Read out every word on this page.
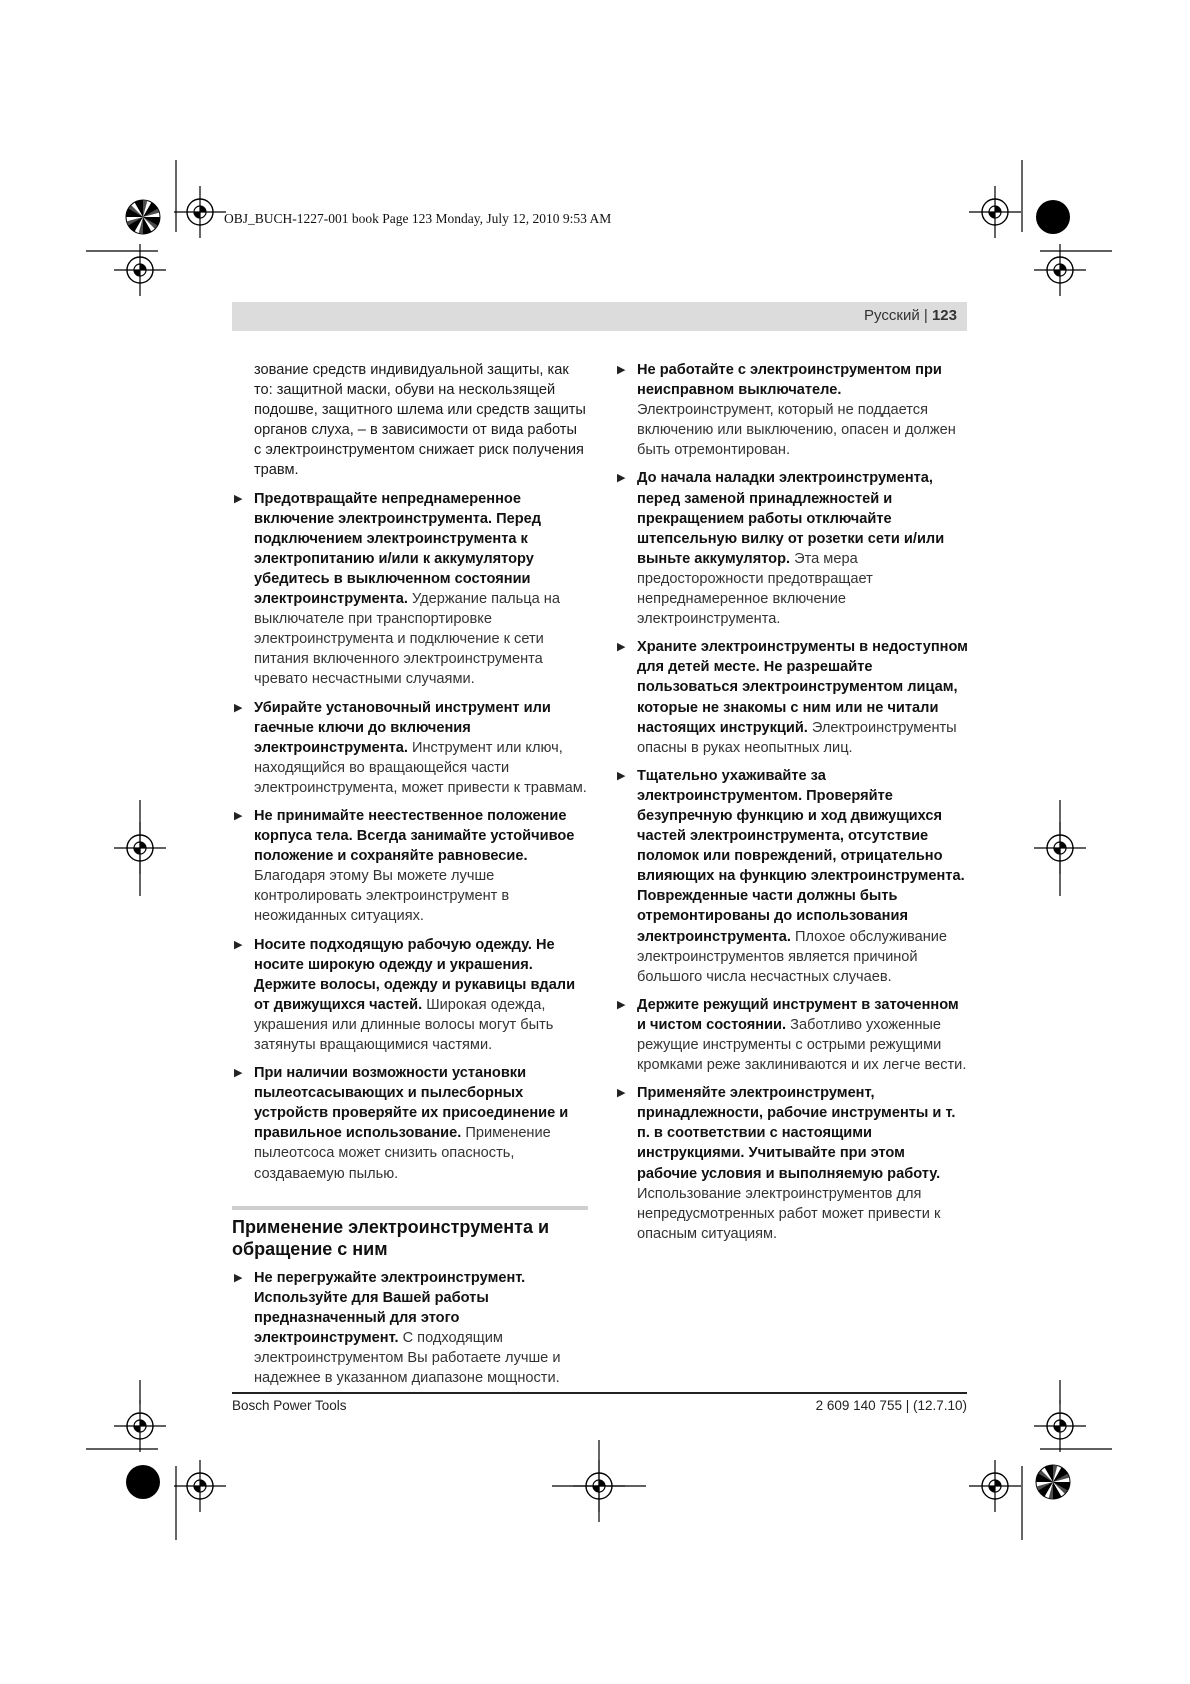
OBJ_BUCH-1227-001 book Page 123 Monday, July 12, 2010 9:53 AM
Русский | 123

зование средств индивидуальной защиты, как то: защитной маски, обуви на нескользящей подошве, защитного шлема или средств защиты органов слуха, – в зависимости от вида работы с электроинструментом снижает риск получения травм.

▶ Предотвращайте непреднамеренное включение электроинструмента. Перед подключением электроинструмента к электропитанию и/или к аккумулятору убедитесь в выключенном состоянии электроинструмента. Удержание пальца на выключателе при транспортировке электроинструмента и подключение к сети питания включенного электроинструмента чревато несчастными случаями.
▶ Убирайте установочный инструмент или гаечные ключи до включения электроинструмента. Инструмент или ключ, находящийся во вращающейся части электроинструмента, может привести к травмам.
▶ Не принимайте неестественное положение корпуса тела. Всегда занимайте устойчивое положение и сохраняйте равновесие. Благодаря этому Вы можете лучше контролировать электроинструмент в неожиданных ситуациях.
▶ Носите подходящую рабочую одежду. Не носите широкую одежду и украшения. Держите волосы, одежду и рукавицы вдали от движущихся частей. Широкая одежда, украшения или длинные волосы могут быть затянуты вращающимися частями.
▶ При наличии возможности установки пылеотсасывающих и пылесборных устройств проверяйте их присоединение и правильное использование. Применение пылеотсоса может снизить опасность, создаваемую пылью.
Применение электроинструмента и обращение с ним
▶ Не перегружайте электроинструмент. Используйте для Вашей работы предназначенный для этого электроинструмент. С подходящим электроинструментом Вы работаете лучше и надежнее в указанном диапазоне мощности.
▶ Не работайте с электроинструментом при неисправном выключателе. Электроинструмент, который не поддается включению или выключению, опасен и должен быть отремонтирован.
▶ До начала наладки электроинструмента, перед заменой принадлежностей и прекращением работы отключайте штепсельную вилку от розетки сети и/или выньте аккумулятор. Эта мера предосторожности предотвращает непреднамеренное включение электроинструмента.
▶ Храните электроинструменты в недоступном для детей месте. Не разрешайте пользоваться электроинструментом лицам, которые не знакомы с ним или не читали настоящих инструкций. Электроинструменты опасны в руках неопытных лиц.
▶ Тщательно ухаживайте за электроинструментом. Проверяйте безупречную функцию и ход движущихся частей электроинструмента, отсутствие поломок или повреждений, отрицательно влияющих на функцию электроинструмента. Поврежденные части должны быть отремонтированы до использования электроинструмента. Плохое обслуживание электроинструментов является причиной большого числа несчастных случаев.
▶ Держите режущий инструмент в заточенном и чистом состоянии. Заботливо ухоженные режущие инструменты с острыми режущими кромками реже заклиниваются и их легче вести.
▶ Применяйте электроинструмент, принадлежности, рабочие инструменты и т. п. в соответствии с настоящими инструкциями. Учитывайте при этом рабочие условия и выполняемую работу. Использование электроинструментов для непредусмотренных работ может привести к опасным ситуациям.
Bosch Power Tools	2 609 140 755 | (12.7.10)
